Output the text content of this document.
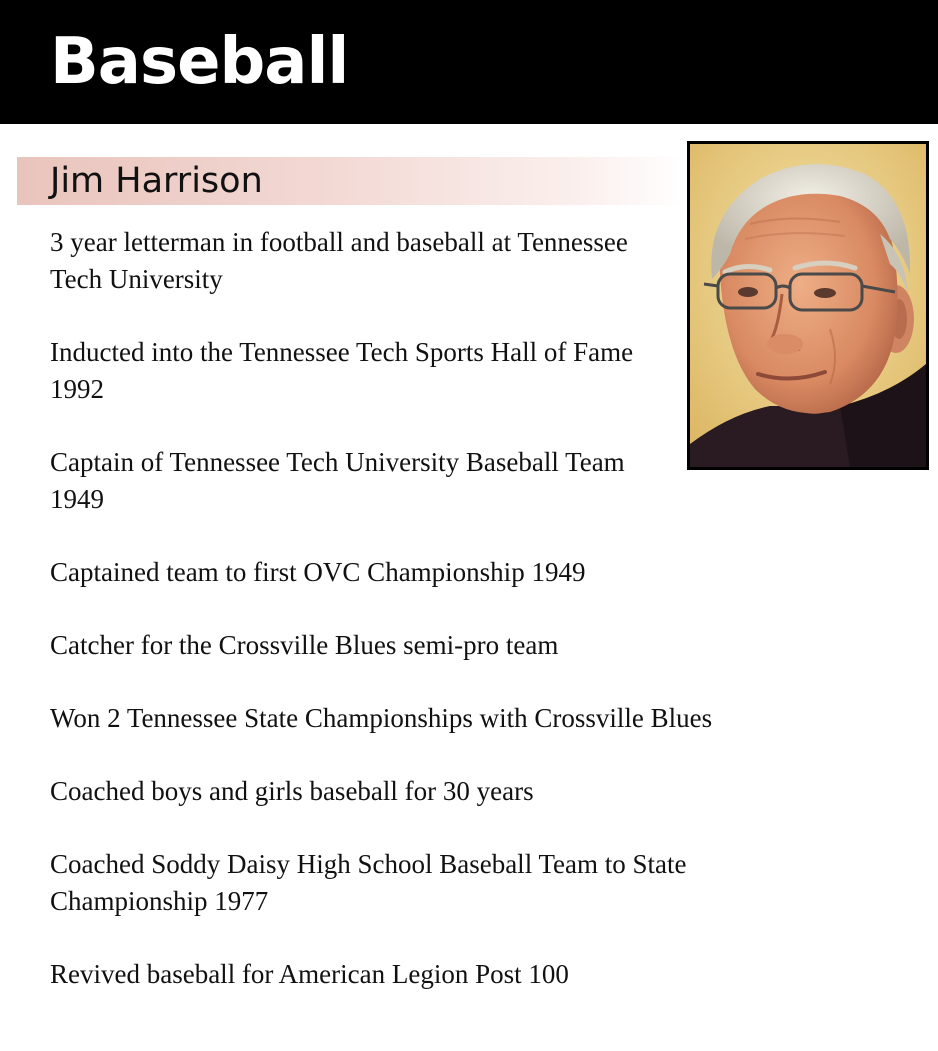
Baseball
Jim Harrison

3 year letterman in football and baseball at Tennessee Tech University

Inducted into the Tennessee Tech Sports Hall of Fame 1992

Captain of Tennessee Tech University Baseball Team 1949

Captained team to first OVC Championship 1949

Catcher for the Crossville Blues semi-pro team

Won 2 Tennessee State Championships with Crossville Blues

Coached boys and girls baseball for 30 years

Coached Soddy Daisy High School Baseball Team to State Championship 1977

Revived baseball for American Legion Post 100
